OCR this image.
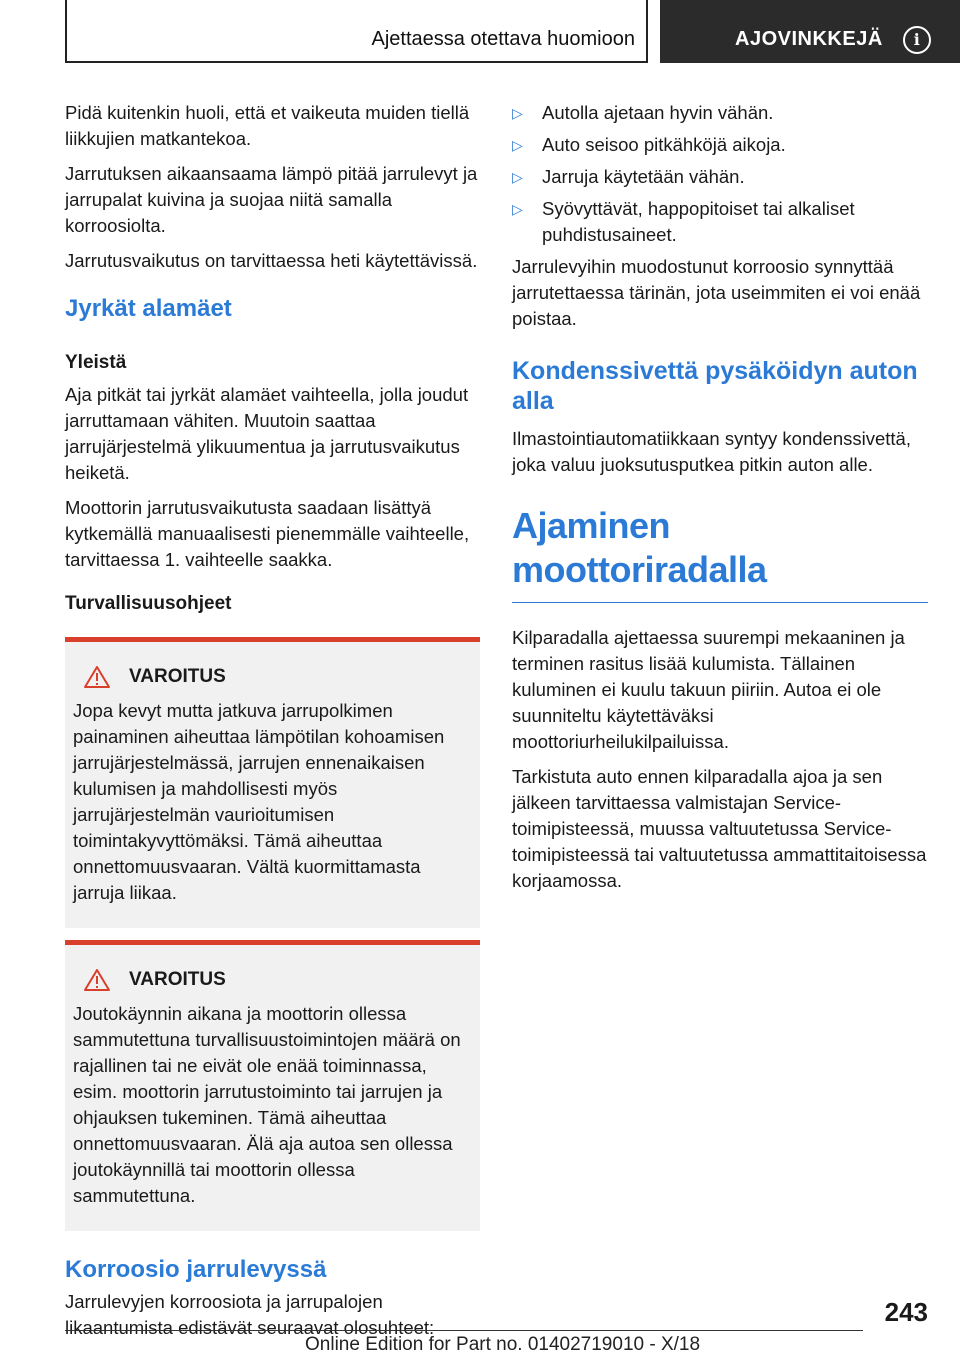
Ajettaessa otettava huomioon	AJOVINKKEJÄ	i

Pidä kuitenkin huoli, että et vaikeuta muiden tiellä liikkujien matkantekoa.

Jarrutuksen aikaansaama lämpö pitää jarrulevyt ja jarrupalat kuivina ja suojaa niitä samalla korroosiolta.

Jarrutusvaikutus on tarvittaessa heti käytettävissä.

Jyrkät alamäet
Yleistä

Aja pitkät tai jyrkät alamäet vaihteella, jolla joudut jarruttamaan vähiten. Muutoin saattaa jarrujärjestelmä ylikuumentua ja jarrutusvaikutus heiketä.

Moottorin jarrutusvaikutusta saadaan lisättyä kytkemällä manuaalisesti pienemmälle vaihteelle, tarvittaessa 1. vaihteelle saakka.

Turvallisuusohjeet
VAROITUS
Jopa kevyt mutta jatkuva jarrupolkimen painaminen aiheuttaa lämpötilan kohoamisen jarrujärjestelmässä, jarrujen ennenaikaisen kulumisen ja mahdollisesti myös jarrujärjestelmän vaurioitumisen toimintakyvyttömäksi. Tämä aiheuttaa onnettomuusvaaran. Vältä kuormittamasta jarruja liikaa.
VAROITUS
Joutokäynnin aikana ja moottorin ollessa sammutettuna turvallisuustoimintojen määrä on rajallinen tai ne eivät ole enää toiminnassa, esim. moottorin jarrutustoiminto tai jarrujen ja ohjauksen tukeminen. Tämä aiheuttaa onnettomuusvaaran. Älä aja autoa sen ollessa joutokäynnillä tai moottorin ollessa sammutettuna.
Korroosio jarrulevyssä

Jarrulevyjen korroosiota ja jarrupalojen likaantumista edistävät seuraavat olosuhteet:

▷ Autolla ajetaan hyvin vähän.
▷ Auto seisoo pitkähköjä aikoja.
▷ Jarruja käytetään vähän.
▷ Syövyttävät, happopitoiset tai alkaliset puhdistusaineet.

Jarrulevyihin muodostunut korroosio synnyttää jarrutettaessa tärinän, jota useimmiten ei voi enää poistaa.

Kondenssivettä pysäköidyn auton alla

Ilmastointiautomatiikkaan syntyy kondenssivettä, joka valuu juoksutusputkea pitkin auton alle.

Ajaminen moottoriradalla

Kilparadalla ajettaessa suurempi mekaaninen ja terminen rasitus lisää kulumista. Tällainen kuluminen ei kuulu takuun piiriin. Autoa ei ole suunniteltu käytettäväksi moottoriurheilukilpailuissa.

Tarkistuta auto ennen kilparadalla ajoa ja sen jälkeen tarvittaessa valmistajan Service-toimipisteessä, muussa valtuutetussa Service-toimipisteessä tai valtuutetussa ammattitaitoisessa korjaamossa.

243
Online Edition for Part no. 01402719010 - X/18
